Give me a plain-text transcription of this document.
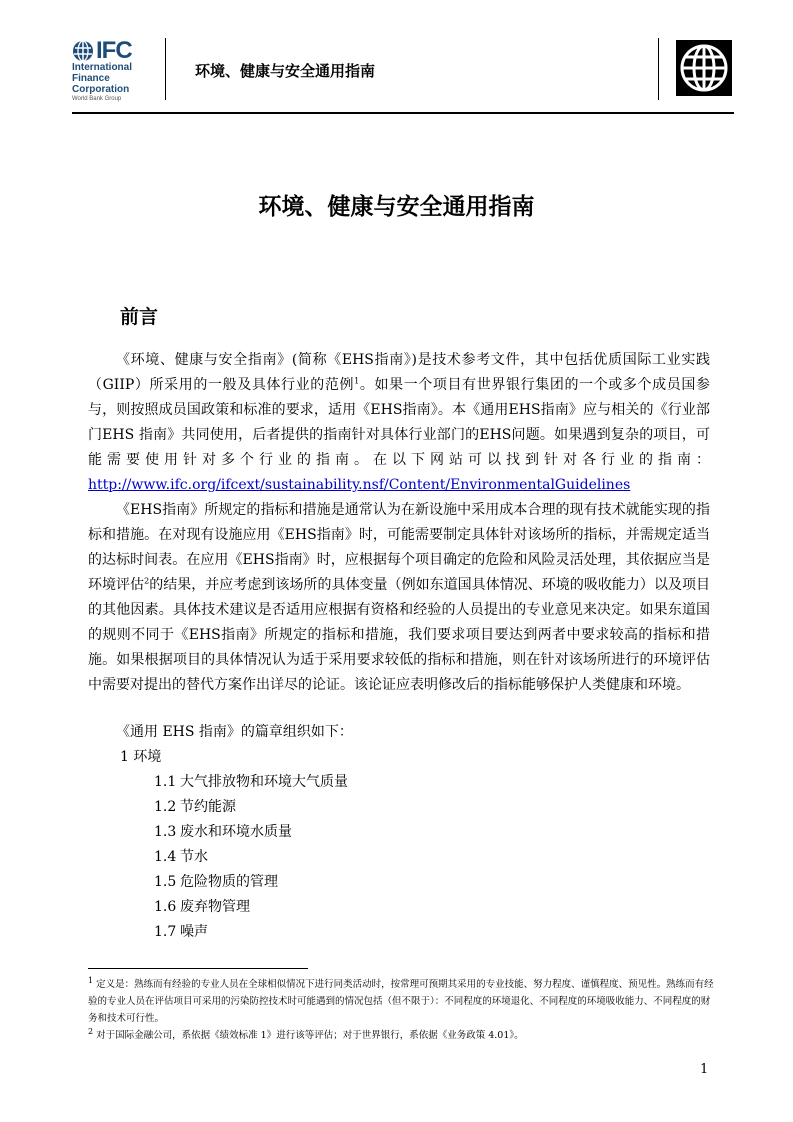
IFC
International
Finance
Corporation
World Bank Group
环境、健康与安全通用指南
环境、健康与安全通用指南
前言

《环境、健康与安全指南》(简称《EHS指南》)是技术参考文件，其中包括优质国际工业实践（GIIP）所采用的一般及具体行业的范例$^1$。如果一个项目有世界银行集团的一个或多个成员国参与，则按照成员国政策和标准的要求，适用《EHS指南》。本《通用EHS指南》应与相关的《行业部门EHS 指南》共同使用，后者提供的指南针对具体行业部门的EHS问题。如果遇到复杂的项目，可能需要使用针对多个行业的指南。在以下网站可以找到针对各行业的指南：http://www.ifc.org/ifcext/sustainability.nsf/Content/EnvironmentalGuidelines

《EHS指南》所规定的指标和措施是通常认为在新设施中采用成本合理的现有技术就能实现的指标和措施。在对现有设施应用《EHS指南》时，可能需要制定具体针对该场所的指标，并需规定适当的达标时间表。在应用《EHS指南》时，应根据每个项目确定的危险和风险灵活处理，其依据应当是环境评估$^2$的结果，并应考虑到该场所的具体变量（例如东道国具体情况、环境的吸收能力）以及项目的其他因素。具体技术建议是否适用应根据有资格和经验的人员提出的专业意见来决定。如果东道国的规则不同于《EHS指南》所规定的指标和措施，我们要求项目要达到两者中要求较高的指标和措施。如果根据项目的具体情况认为适于采用要求较低的指标和措施，则在针对该场所进行的环境评估中需要对提出的替代方案作出详尽的论证。该论证应表明修改后的指标能够保护人类健康和环境。

《通用 EHS 指南》的篇章组织如下：
1 环境
1.1 大气排放物和环境大气质量
1.2 节约能源
1.3 废水和环境水质量
1.4 节水
1.5 危险物质的管理
1.6 废弃物管理
1.7 噪声

$^1$ 定义是：熟练而有经验的专业人员在全球相似情况下进行同类活动时，按常理可预期其采用的专业技能、努力程度、谨慎程度、预见性。熟练而有经验的专业人员在评估项目可采用的污染防控技术时可能遇到的情况包括（但不限于）：不同程度的环境退化、不同程度的环境吸收能力、不同程度的财务和技术可行性。

$^2$ 对于国际金融公司，系依据《绩效标准 1》进行该等评估；对于世界银行，系依据《业务政策 4.01》。

1
